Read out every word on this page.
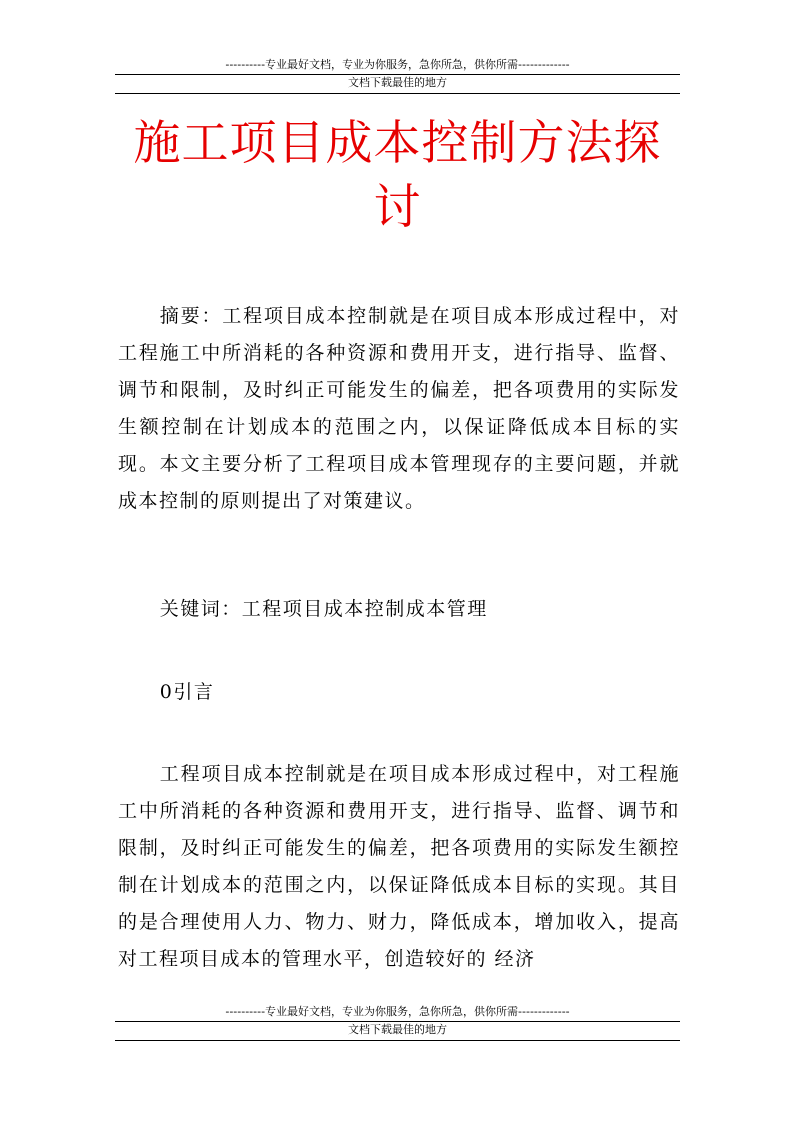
----------专业最好文档，专业为你服务，急你所急，供你所需-------------
文档下载最佳的地方
施工项目成本控制方法探讨

摘要：工程项目成本控制就是在项目成本形成过程中，对工程施工中所消耗的各种资源和费用开支，进行指导、监督、调节和限制，及时纠正可能发生的偏差，把各项费用的实际发生额控制在计划成本的范围之内，以保证降低成本目标的实现。本文主要分析了工程项目成本管理现存的主要问题，并就成本控制的原则提出了对策建议。

关键词：工程项目成本控制成本管理

0引言

工程项目成本控制就是在项目成本形成过程中，对工程施工中所消耗的各种资源和费用开支，进行指导、监督、调节和限制，及时纠正可能发生的偏差，把各项费用的实际发生额控制在计划成本的范围之内，以保证降低成本目标的实现。其目的是合理使用人力、物力、财力，降低成本，增加收入，提高对工程项目成本的管理水平，创造较好的 经济

----------专业最好文档，专业为你服务，急你所急，供你所需-------------
文档下载最佳的地方
